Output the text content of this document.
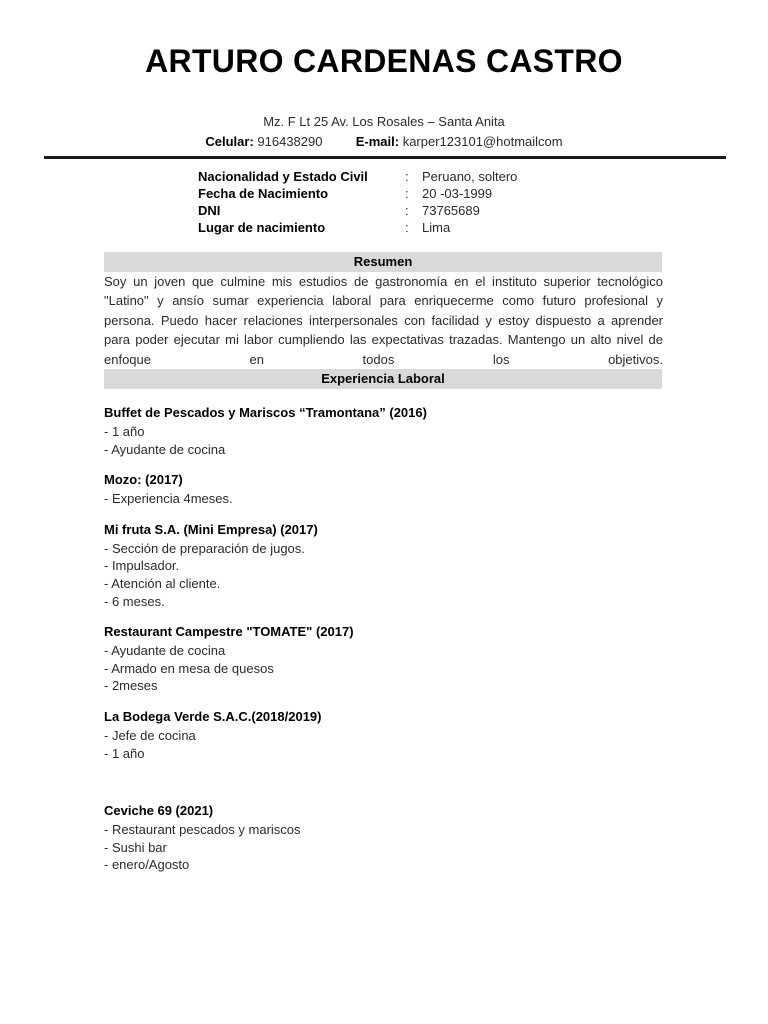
ARTURO CARDENAS CASTRO
Mz. F Lt 25 Av. Los Rosales – Santa Anita
Celular: 916438290	E-mail: karper123101@hotmailcom
Nacionalidad y Estado Civil	:	Peruano, soltero
Fecha de Nacimiento	:	20 -03-1999
DNI	:	73765689
Lugar de nacimiento	:	Lima
Resumen
Soy un joven que culmine mis estudios de gastronomía en el instituto superior tecnológico "Latino" y ansío sumar experiencia laboral para enriquecerme como futuro profesional y persona. Puedo hacer relaciones interpersonales con facilidad y estoy dispuesto a aprender para poder ejecutar mi labor cumpliendo las expectativas trazadas. Mantengo un alto nivel de enfoque en todos los objetivos.
Experiencia Laboral
Buffet de Pescados y Mariscos “Tramontana” (2016)
- 1 año
- Ayudante de cocina
Mozo: (2017)
- Experiencia 4meses.
Mi fruta S.A. (Mini Empresa) (2017)
- Sección de preparación de jugos.
- Impulsador.
- Atención al cliente.
- 6 meses.
Restaurant Campestre "TOMATE" (2017)
- Ayudante de cocina
- Armado en mesa de quesos
- 2meses
La Bodega Verde S.A.C.(2018/2019)
- Jefe de cocina
- 1 año
Ceviche 69 (2021)
- Restaurant pescados y mariscos
- Sushi bar
- enero/Agosto
